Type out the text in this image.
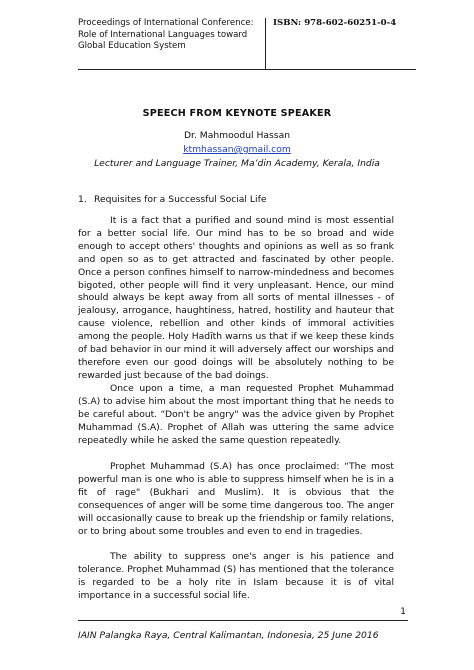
Proceedings of International Conference:
Role of International Languages toward
Global Education System
ISBN: 978-602-60251-0-4
SPEECH FROM KEYNOTE SPEAKER
Dr. Mahmoodul Hassan
ktmhassan@gmail.com
Lecturer and Language Trainer, Ma’din Academy, Kerala, India
1. Requisites for a Successful Social Life

It is a fact that a purified and sound mind is most essential for a better social life. Our mind has to be so broad and wide enough to accept others' thoughts and opinions as well as so frank and open so as to get attracted and fascinated by other people. Once a person confines himself to narrow-mindedness and becomes bigoted, other people will find it very unpleasant. Hence, our mind should always be kept away from all sorts of mental illnesses - of jealousy, arrogance, haughtiness, hatred, hostility and hauteur that cause violence, rebellion and other kinds of immoral activities among the people. Holy Hadīth warns us that if we keep these kinds of bad behavior in our mind it will adversely affect our worships and therefore even our good doings will be absolutely nothing to be rewarded just because of the bad doings.

Once upon a time, a man requested Prophet Muhammad (S.A) to advise him about the most important thing that he needs to be careful about. “Don't be angry" was the advice given by Prophet Muhammad (S.A). Prophet of Allah was uttering the same advice repeatedly while he asked the same question repeatedly.

Prophet Muhammad (S.A) has once proclaimed: “The most powerful man is one who is able to suppress himself when he is in a fit of rage" (Bukhari and Muslim). It is obvious that the consequences of anger will be some time dangerous too. The anger will occasionally cause to break up the friendship or family relations, or to bring about some troubles and even to end in tragedies.

The ability to suppress one's anger is his patience and tolerance. Prophet Muhammad (S) has mentioned that the tolerance is regarded to be a holy rite in Islam because it is of vital importance in a successful social life.

1
IAIN Palangka Raya, Central Kalimantan, Indonesia, 25 June 2016
